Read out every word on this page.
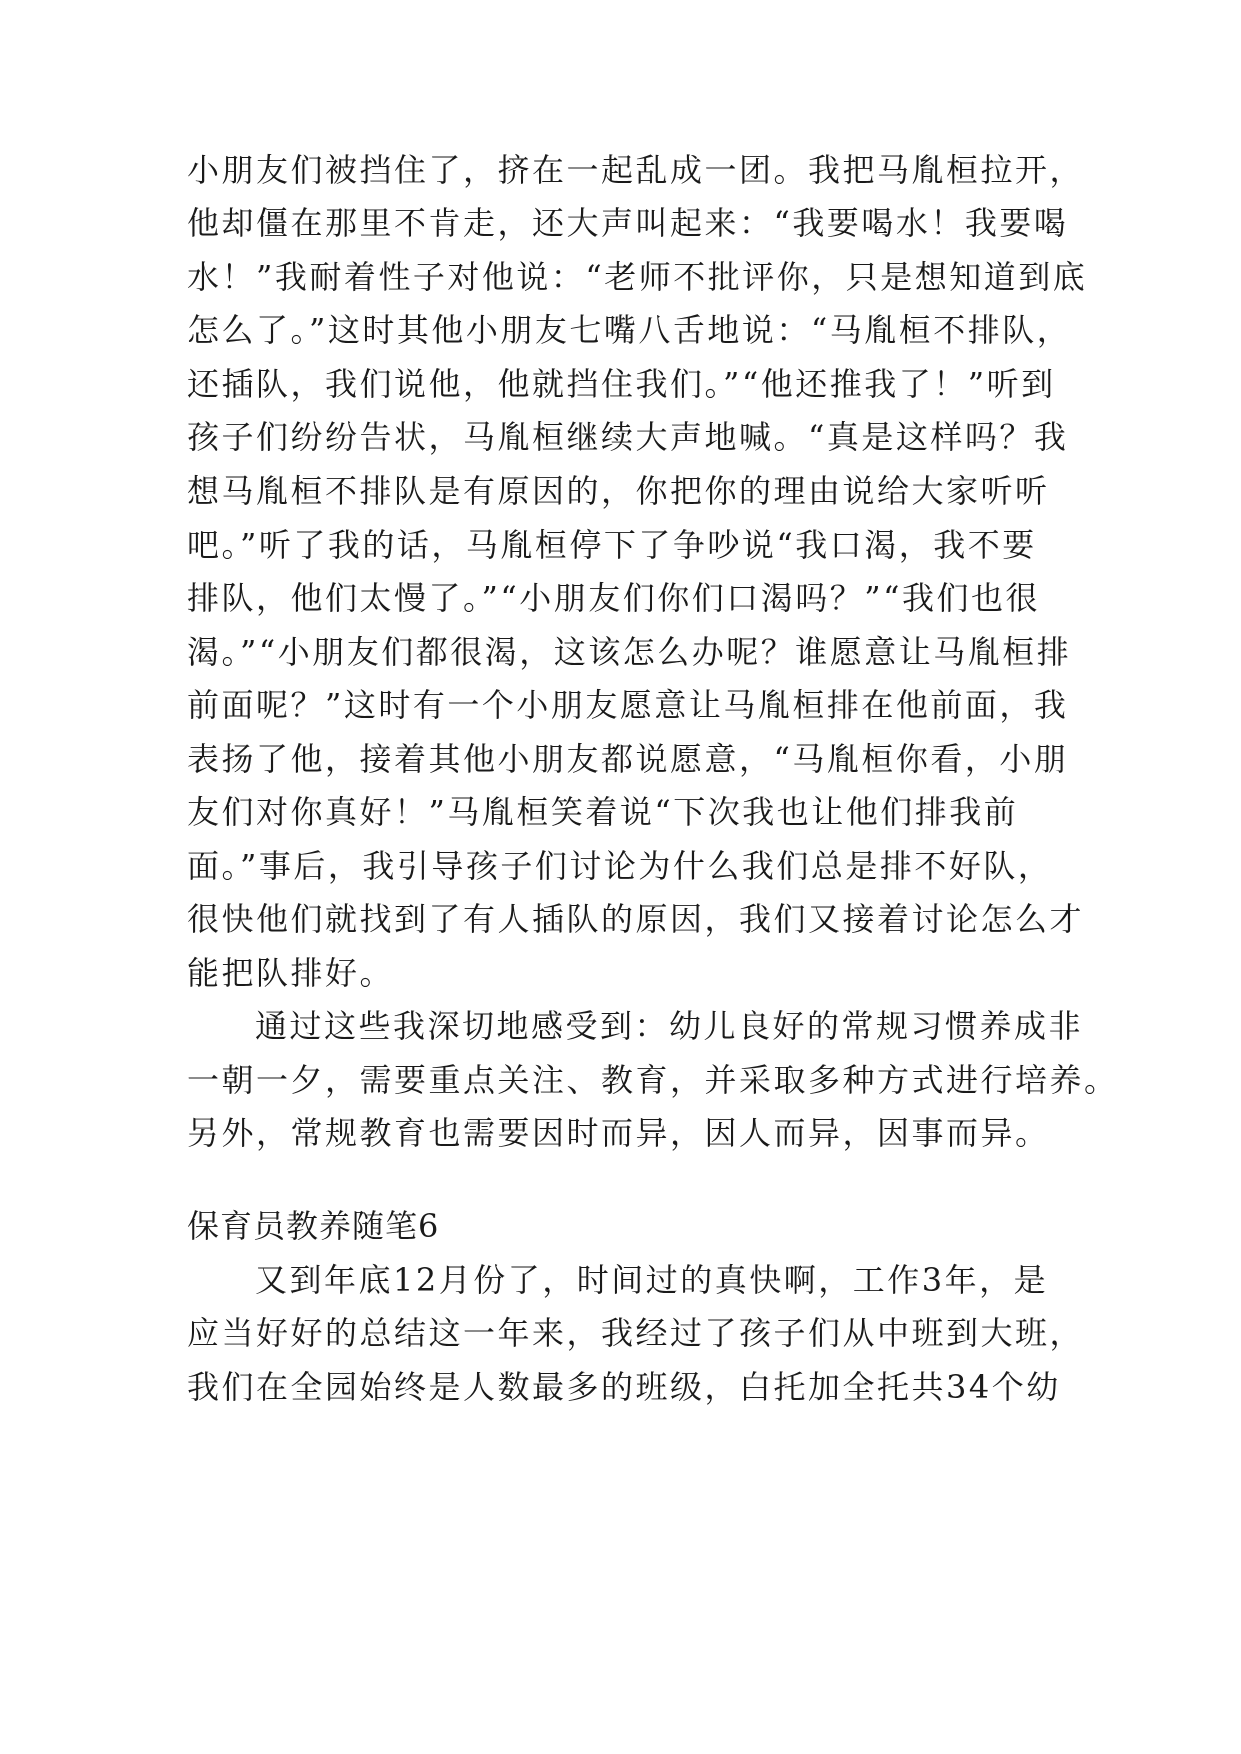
小朋友们被挡住了，挤在一起乱成一团。我把马胤桓拉开，
他却僵在那里不肯走，还大声叫起来：“我要喝水！我要喝
水！”我耐着性子对他说：“老师不批评你，只是想知道到底
怎么了。”这时其他小朋友七嘴八舌地说：“马胤桓不排队，
还插队，我们说他，他就挡住我们。”“他还推我了！”听到
孩子们纷纷告状，马胤桓继续大声地喊。“真是这样吗？我
想马胤桓不排队是有原因的，你把你的理由说给大家听听
吧。”听了我的话，马胤桓停下了争吵说“我口渴，我不要
排队，他们太慢了。”“小朋友们你们口渴吗？”“我们也很
渴。”“小朋友们都很渴，这该怎么办呢？谁愿意让马胤桓排
前面呢？”这时有一个小朋友愿意让马胤桓排在他前面，我
表扬了他，接着其他小朋友都说愿意，“马胤桓你看，小朋
友们对你真好！”马胤桓笑着说“下次我也让他们排我前
面。”事后，我引导孩子们讨论为什么我们总是排不好队，
很快他们就找到了有人插队的原因，我们又接着讨论怎么才
能把队排好。
通过这些我深切地感受到：幼儿良好的常规习惯养成非
一朝一夕，需要重点关注、教育，并采取多种方式进行培养。
另外，常规教育也需要因时而异，因人而异，因事而异。
保育员教养随笔6
又到年底12月份了，时间过的真快啊，工作3年，是
应当好好的总结这一年来，我经过了孩子们从中班到大班，
我们在全园始终是人数最多的班级，白托加全托共34个幼
